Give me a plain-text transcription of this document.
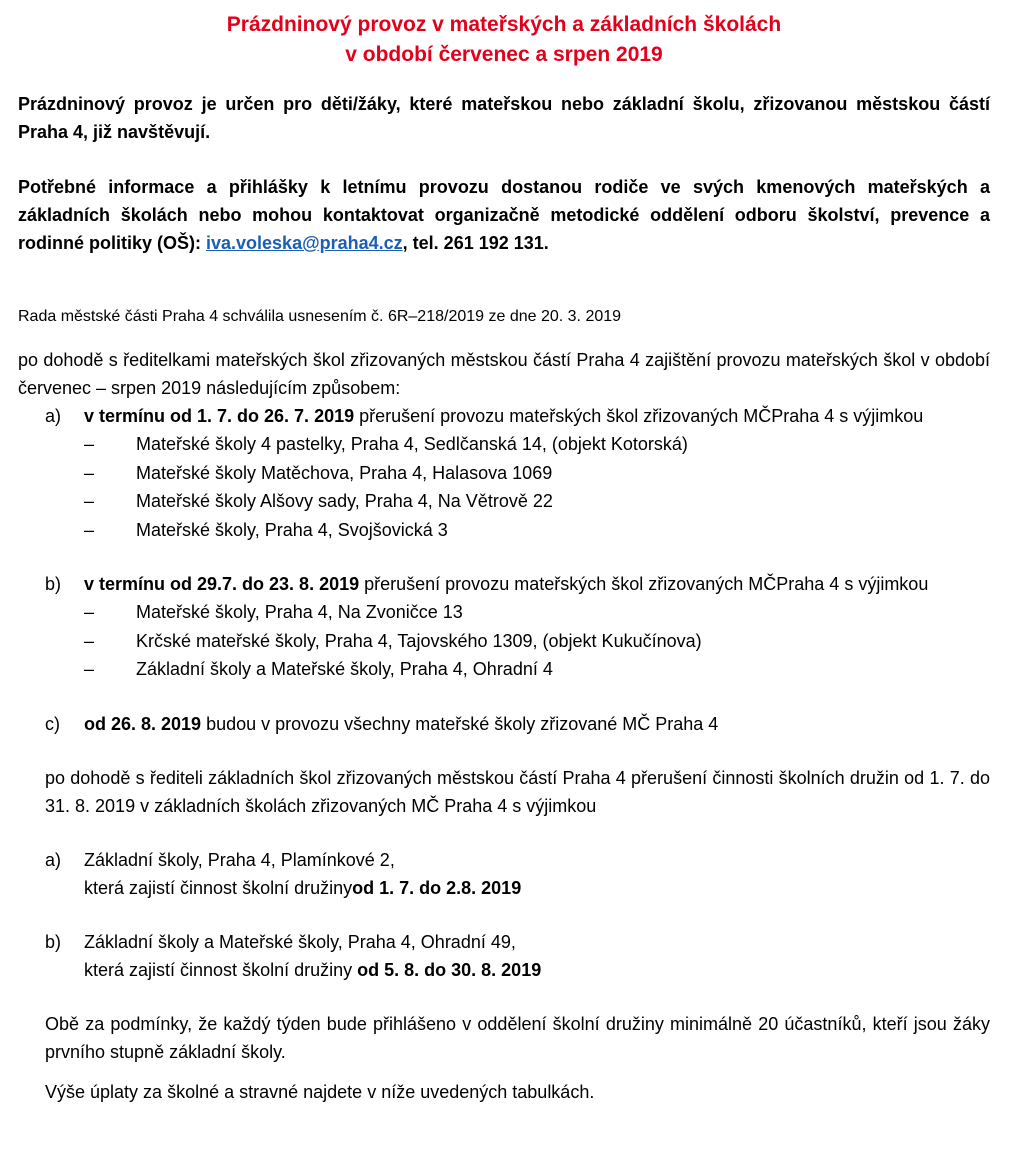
Prázdninový provoz v mateřských a základních školách
v období červenec a srpen 2019

Prázdninový provoz je určen pro děti/žáky, které mateřskou nebo základní školu, zřizovanou městskou částí Praha 4, již navštěvují.

Potřebné informace a přihlášky k letnímu provozu dostanou rodiče ve svých kmenových mateřských a základních školách nebo mohou kontaktovat organizačně metodické oddělení odboru školství, prevence a rodinné politiky (OŠ): iva.voleska@praha4.cz, tel. 261 192 131.

Rada městské části Praha 4 schválila usnesením č. 6R–218/2019 ze dne 20. 3. 2019

po dohodě s ředitelkami mateřských škol zřizovaných městskou částí Praha 4 zajištění provozu mateřských škol v období červenec – srpen 2019 následujícím způsobem:

a) v termínu od 1. 7. do 26. 7. 2019 přerušení provozu mateřských škol zřizovaných MČPraha 4 s výjimkou
– Mateřské školy 4 pastelky, Praha 4, Sedlčanská 14, (objekt Kotorská)
– Mateřské školy Matěchova, Praha 4, Halasova 1069
– Mateřské školy Alšovy sady, Praha 4, Na Větrově 22
– Mateřské školy, Praha 4, Svojšovická 3
b) v termínu od 29.7. do 23. 8. 2019 přerušení provozu mateřských škol zřizovaných MČPraha 4 s výjimkou
– Mateřské školy, Praha 4, Na Zvoničce 13
– Krčské mateřské školy, Praha 4, Tajovského 1309, (objekt Kukučínova)
– Základní školy a Mateřské školy, Praha 4, Ohradní 4
c) od 26. 8. 2019 budou v provozu všechny mateřské školy zřizované MČ Praha 4

po dohodě s řediteli základních škol zřizovaných městskou částí Praha 4 přerušení činnosti školních družin od 1. 7. do 31. 8. 2019 v základních školách zřizovaných MČ Praha 4 s výjimkou

a) Základní školy, Praha 4, Plamínkové 2,
která zajistí činnost školní družinyod 1. 7. do 2.8. 2019
b) Základní školy a Mateřské školy, Praha 4, Ohradní 49,
která zajistí činnost školní družiny od 5. 8. do 30. 8. 2019

Obě za podmínky, že každý týden bude přihlášeno v oddělení školní družiny minimálně 20 účastníků, kteří jsou žáky prvního stupně základní školy.

Výše úplaty za školné a stravné najdete v níže uvedených tabulkách.
